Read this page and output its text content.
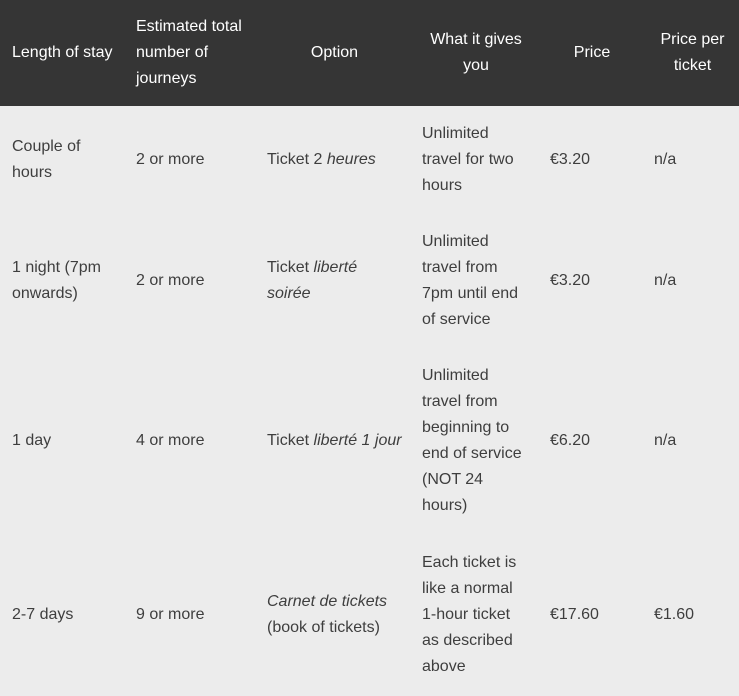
Length of stay	Estimated total number of journeys	Option	What it gives you	Price	Price per ticket
Couple of hours	2 or more	Ticket 2 heures	Unlimited travel for two hours	€3.20	n/a
1 night (7pm onwards)	2 or more	Ticket liberté soirée	Unlimited travel from 7pm until end of service	€3.20	n/a
1 day	4 or more	Ticket liberté 1 jour	Unlimited travel from beginning to end of service (NOT 24 hours)	€6.20	n/a
2-7 days	9 or more	Carnet de tickets (book of tickets)	Each ticket is like a normal 1-hour ticket as described above	€17.60	€1.60
